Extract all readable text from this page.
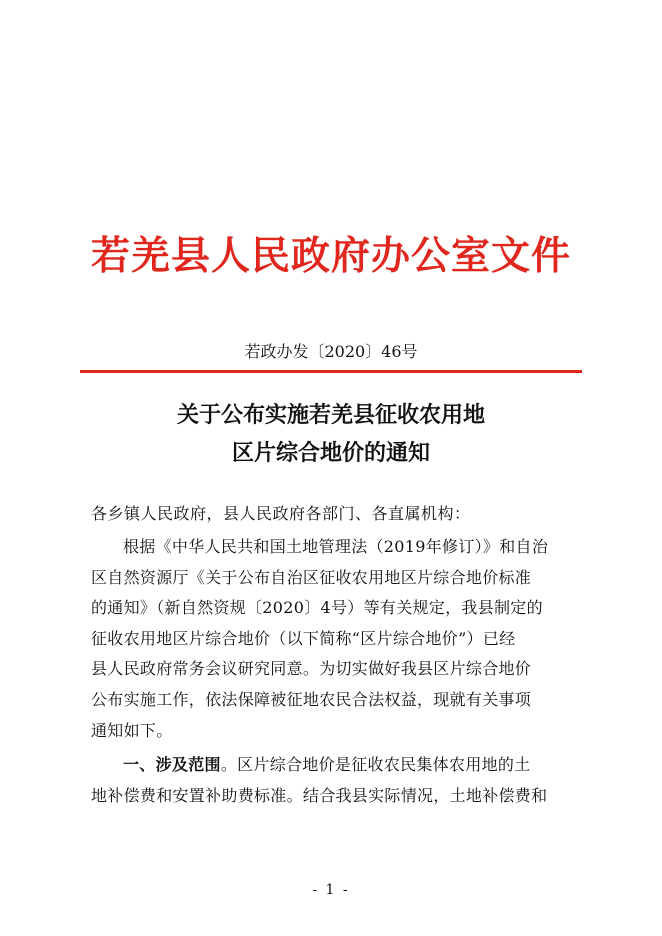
若羌县人民政府办公室文件
若政办发〔2020〕46号
关于公布实施若羌县征收农用地
区片综合地价的通知
各乡镇人民政府，县人民政府各部门、各直属机构：
根据《中华人民共和国土地管理法（2019年修订）》和自治
区自然资源厅《关于公布自治区征收农用地区片综合地价标准
的通知》（新自然资规〔2020〕4号）等有关规定，我县制定的
征收农用地区片综合地价（以下简称“区片综合地价”）已经
县人民政府常务会议研究同意。为切实做好我县区片综合地价
公布实施工作，依法保障被征地农民合法权益，现就有关事项
通知如下。
一、涉及范围。区片综合地价是征收农民集体农用地的土
地补偿费和安置补助费标准。结合我县实际情况，土地补偿费和
- 1 -
